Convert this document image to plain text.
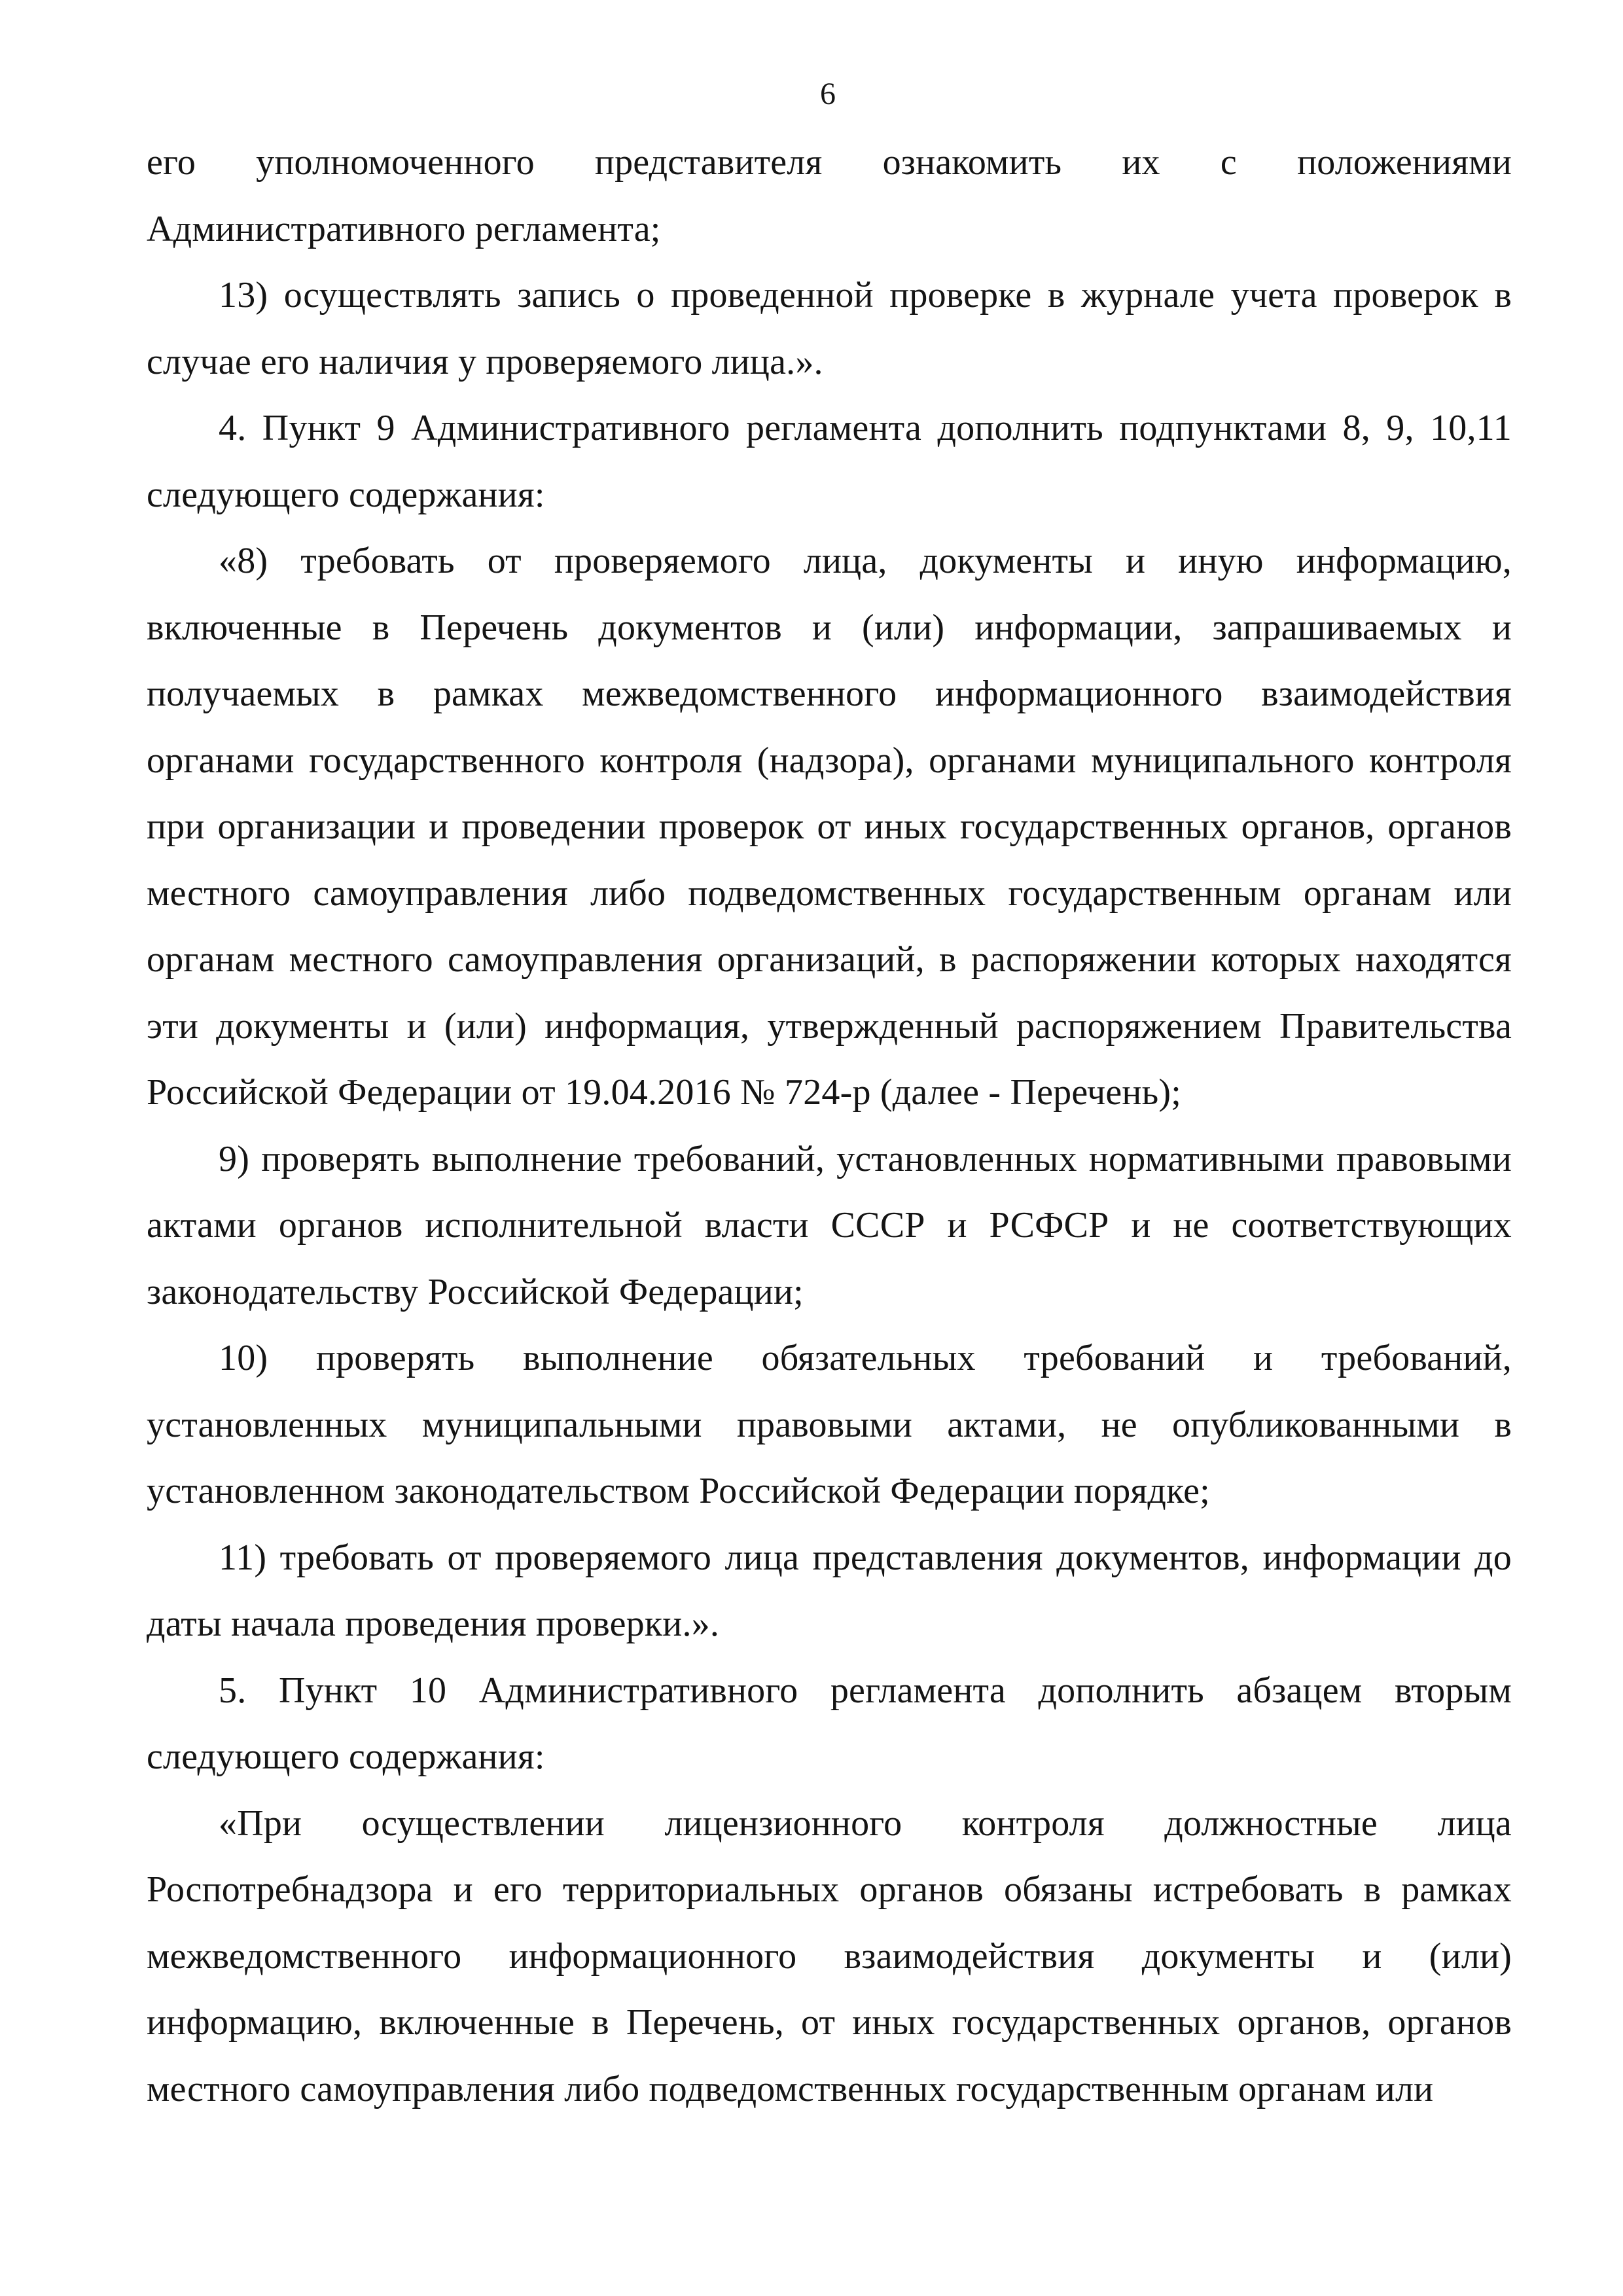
6

его уполномоченного представителя ознакомить их с положениями Административного регламента;

13) осуществлять запись о проведенной проверке в журнале учета проверок в случае его наличия у проверяемого лица.».

4. Пункт 9 Административного регламента дополнить подпунктами 8, 9, 10,11 следующего содержания:

«8) требовать от проверяемого лица, документы и иную информацию, включенные в Перечень документов и (или) информации, запрашиваемых и получаемых в рамках межведомственного информационного взаимодействия органами государственного контроля (надзора), органами муниципального контроля при организации и проведении проверок от иных государственных органов, органов местного самоуправления либо подведомственных государственным органам или органам местного самоуправления организаций, в распоряжении которых находятся эти документы и (или) информация, утвержденный распоряжением Правительства Российской Федерации от 19.04.2016 № 724-р (далее - Перечень);

9) проверять выполнение требований, установленных нормативными правовыми актами органов исполнительной власти СССР и РСФСР и не соответствующих законодательству Российской Федерации;

10) проверять выполнение обязательных требований и требований, установленных муниципальными правовыми актами, не опубликованными в установленном законодательством Российской Федерации порядке;

11) требовать от проверяемого лица представления документов, информации до даты начала проведения проверки.».

5. Пункт 10 Административного регламента дополнить абзацем вторым следующего содержания:

«При осуществлении лицензионного контроля должностные лица Роспотребнадзора и его территориальных органов обязаны истребовать в рамках межведомственного информационного взаимодействия документы и (или) информацию, включенные в Перечень, от иных государственных органов, органов местного самоуправления либо подведомственных государственным органам или
